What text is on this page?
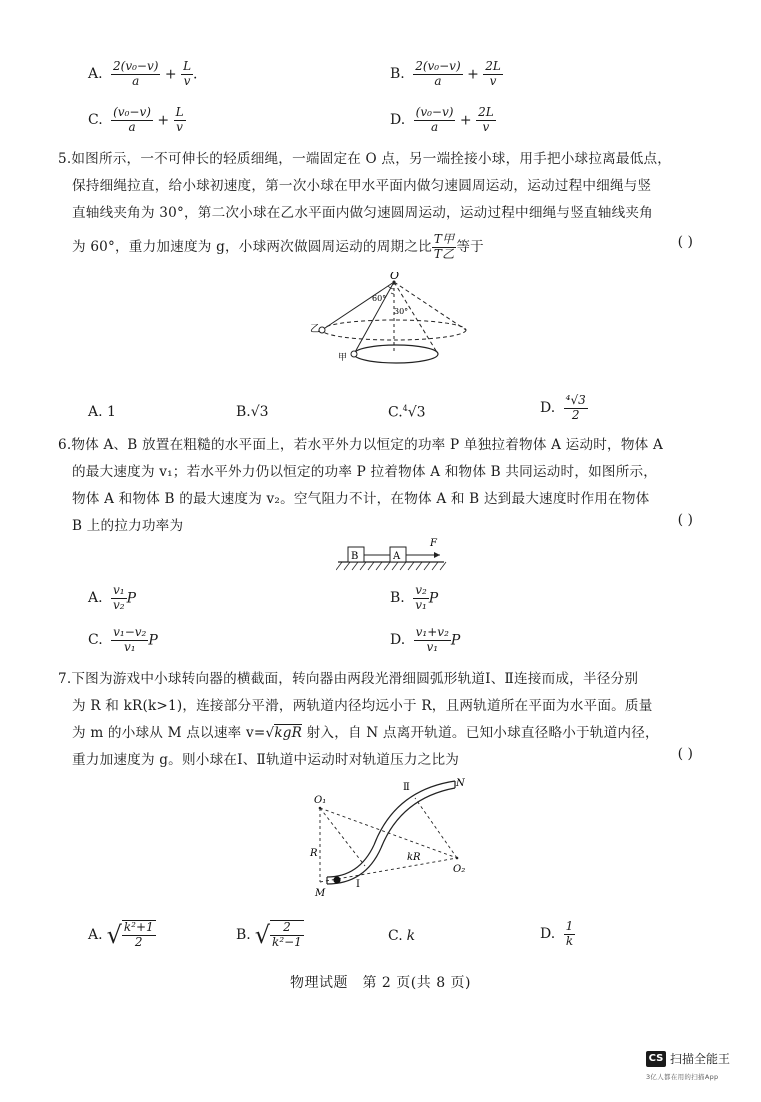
A. $\frac{\text{2(v₀−v)}}{a} + \frac{L}{v}$ .	B. $\frac{\text{2(v₀−v)}}{a} + \frac{2L}{v}$
C. $\frac{\text{(v₀−v)}}{a} + \frac{L}{v}$	D. $\frac{\text{(v₀−v)}}{a} + \frac{2L}{v}$

5.如图所示，一不可伸长的轻质细绳，一端固定在 O 点，另一端拴接小球，用手把小球拉离最低点，

保持细绳拉直，给小球初速度，第一次小球在甲水平面内做匀速圆周运动，运动过程中细绳与竖

直轴线夹角为 30°，第二次小球在乙水平面内做匀速圆周运动，运动过程中细绳与竖直轴线夹角

为 60°，重力加速度为 g，小球两次做圆周运动的周期之比 $\frac{\text{T甲}}{\text{T乙}}$ 等于	( )
O
60°
30°
乙
甲
A. 1	B.√3	C.$^4$√3	D. $\frac{\text{⁴√3}}{2}$

6.物体 A、B 放置在粗糙的水平面上，若水平外力以恒定的功率 P 单独拉着物体 A 运动时，物体 A

的最大速度为 v₁；若水平外力仍以恒定的功率 P 拉着物体 A 和物体 B 共同运动时，如图所示，

物体 A 和物体 B 的最大速度为 v₂。空气阻力不计，在物体 A 和 B 达到最大速度时作用在物体

B 上的拉力功率为	( )
B	A
F
A. $\frac{\text{v₁}}{\text{v₂}}$ P	B. $\frac{\text{v₂}}{\text{v₁}}$ P
C. $\frac{\text{v₁−v₂}}{\text{v₁}}$ P	D. $\frac{\text{v₁+v₂}}{\text{v₁}}$ P

7.下图为游戏中小球转向器的横截面，转向器由两段光滑细圆弧形轨道Ⅰ、Ⅱ连接而成，半径分别

为 R 和 kR(k>1)，连接部分平滑，两轨道内径均远小于 R，且两轨道所在平面为水平面。质量

为 m 的小球从 M 点以速率 v=√kgR 射入，自 N 点离开轨道。已知小球直径略小于轨道内径，

重力加速度为 g。则小球在Ⅰ、Ⅱ轨道中运动时对轨道压力之比为	( )
O₁
O₂
N
M
R	kR
Ⅰ
Ⅱ
A. √ $\frac{\text{k²+1}}{2}$	B. √ $\frac{2}{\text{k²−1}}$	C. k	D. $\frac{1}{k}$
物理试题　第 2 页(共 8 页)
CS 扫描全能王
3亿人都在用的扫描App
